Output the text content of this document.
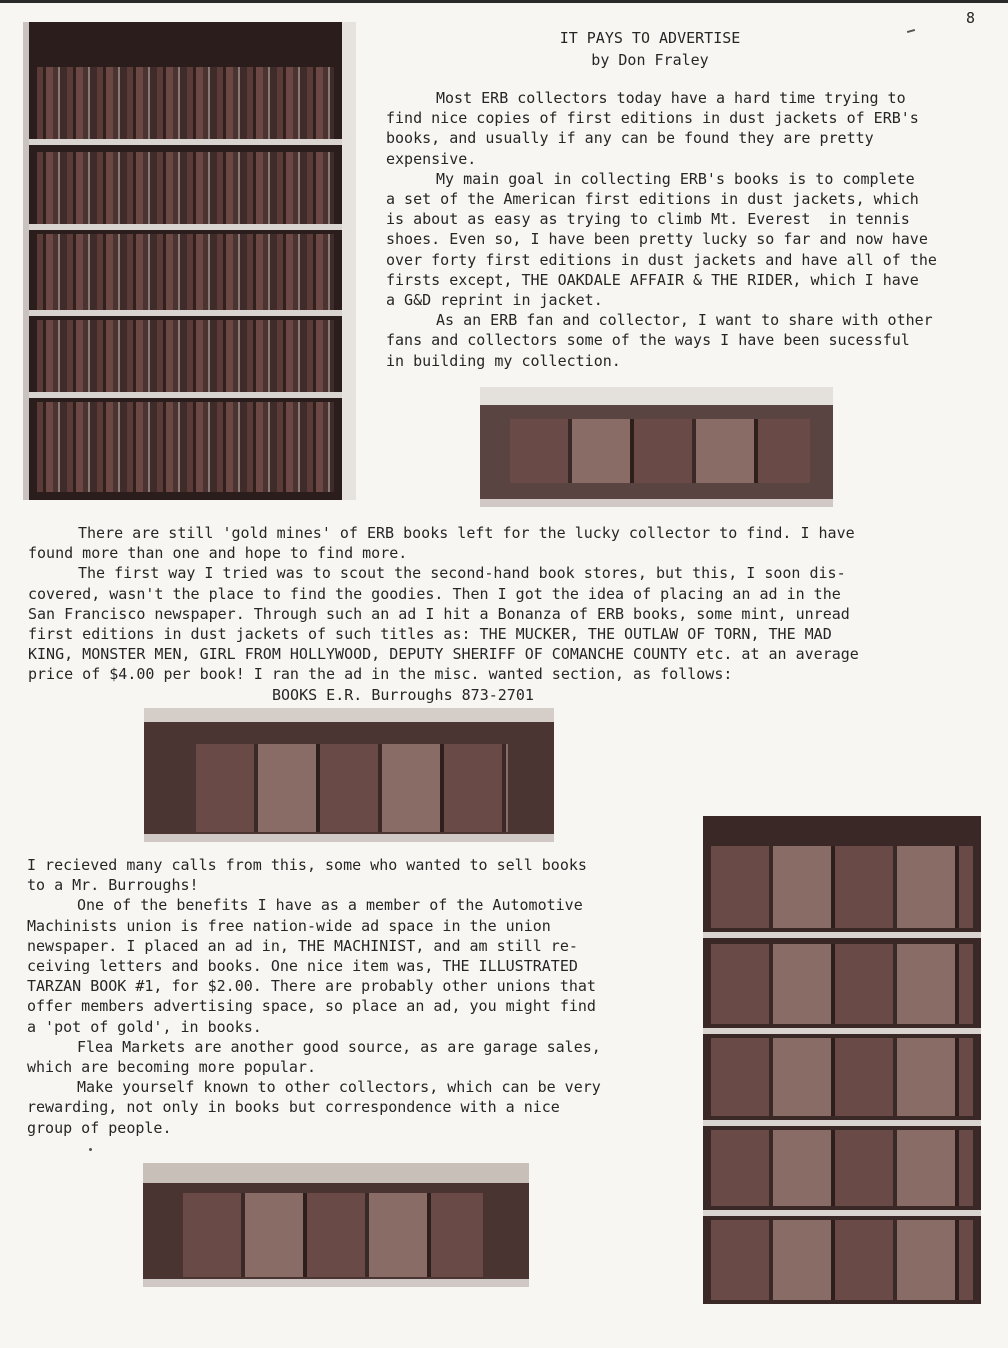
8
IT PAYS TO ADVERTISE
by Don Fraley

Most ERB collectors today have a hard time trying to

find nice copies of first editions in dust jackets of ERB's

books, and usually if any can be found they are pretty

expensive.

My main goal in collecting ERB's books is to complete

a set of the American first editions in dust jackets, which

is about as easy as trying to climb Mt. Everest  in tennis

shoes. Even so, I have been pretty lucky so far and now have

over forty first editions in dust jackets and have all of the

firsts except, THE OAKDALE AFFAIR & THE RIDER, which I have

a G&D reprint in jacket.

As an ERB fan and collector, I want to share with other

fans and collectors some of the ways I have been sucessful

in building my collection.

There are still 'gold mines' of ERB books left for the lucky collector to find. I have

found more than one and hope to find more.

The first way I tried was to scout the second-hand book stores, but this, I soon dis-

covered, wasn't the place to find the goodies. Then I got the idea of placing an ad in the

San Francisco newspaper. Through such an ad I hit a Bonanza of ERB books, some mint, unread

first editions in dust jackets of such titles as: THE MUCKER, THE OUTLAW OF TORN, THE MAD

KING, MONSTER MEN, GIRL FROM HOLLYWOOD, DEPUTY SHERIFF OF COMANCHE COUNTY etc. at an average

price of $4.00 per book! I ran the ad in the misc. wanted section, as follows:

BOOKS E.R. Burroughs 873-2701

I recieved many calls from this, some who wanted to sell books

to a Mr. Burroughs!

One of the benefits I have as a member of the Automotive

Machinists union is free nation-wide ad space in the union

newspaper. I placed an ad in, THE MACHINIST, and am still re-

ceiving letters and books. One nice item was, THE ILLUSTRATED

TARZAN BOOK #1, for $2.00. There are probably other unions that

offer members advertising space, so place an ad, you might find

a 'pot of gold', in books.

Flea Markets are another good source, as are garage sales,

which are becoming more popular.

Make yourself known to other collectors, which can be very

rewarding, not only in books but correspondence with a nice

group of people.
